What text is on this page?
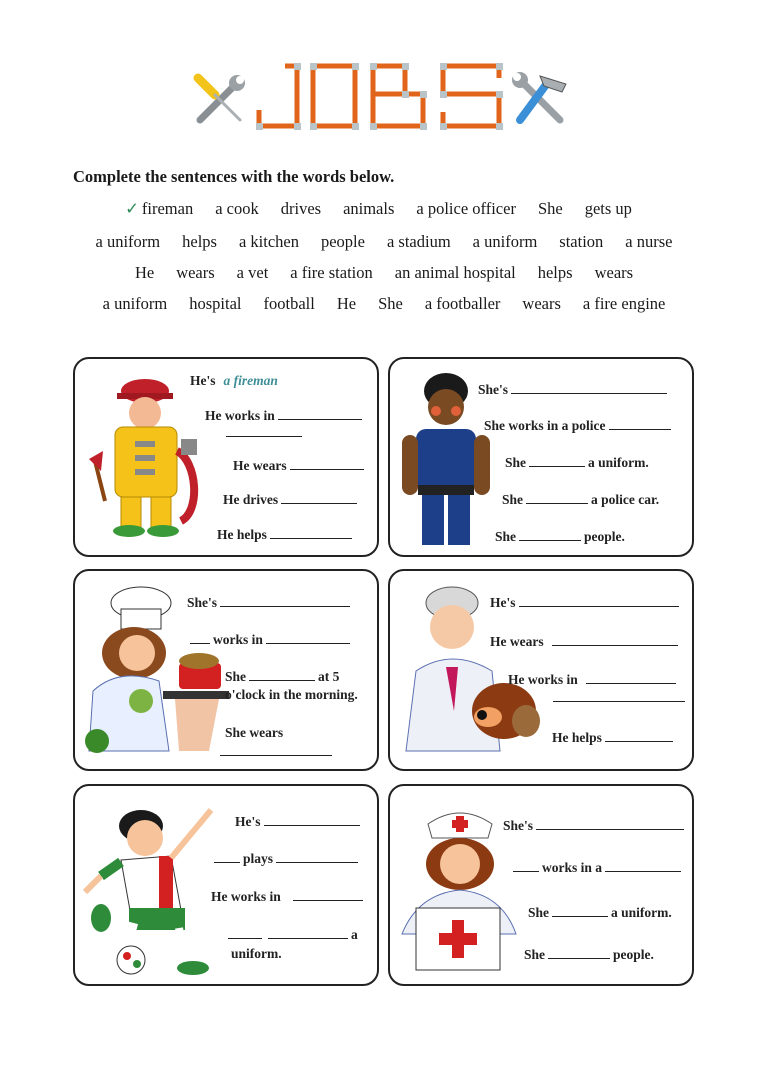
Complete the sentences with the words below.
✓ fireman a cook drives animals a police officer She gets up
a uniform helps a kitchen people a stadium a uniform station a nurse
He wears a vet a fire station an animal hospital helps wears
a uniform hospital football He She a footballer wears a fire engine
He's a fireman
He works in
He wears
He drives
He helps
She's
She works in a police
She	a uniform.
She	a police car.
She	people.
She's
works in
She	at 5
o'clock in the morning.
She wears
He's
He wears
He works in
He helps
He's
plays
He works in
a
uniform.
She's
works in a
She	a uniform.
She	people.
